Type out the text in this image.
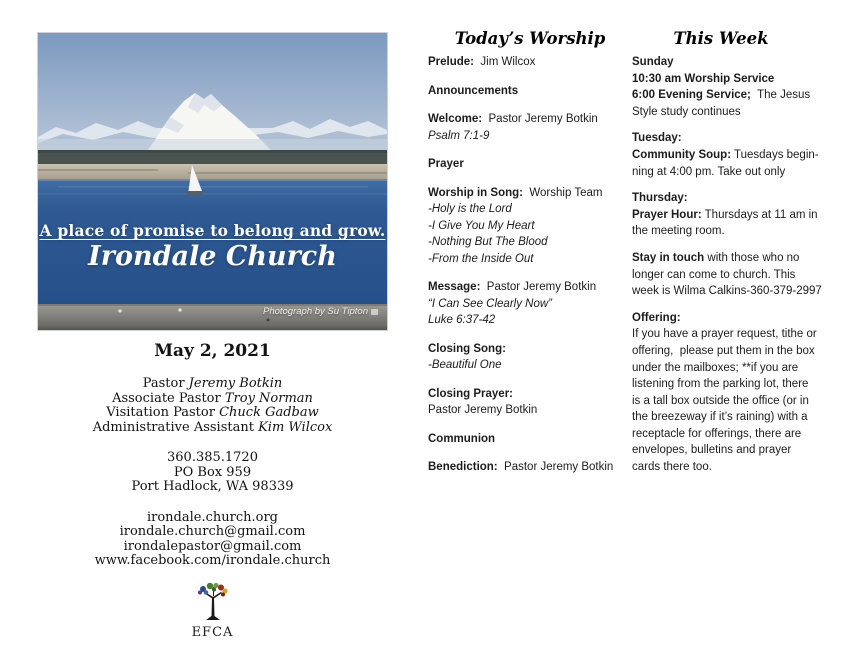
A place of promise to belong and grow.
Irondale Church
Photograph by Su Tipton
May 2, 2021
Pastor Jeremy Botkin
Associate Pastor Troy Norman
Visitation Pastor Chuck Gadbaw
Administrative Assistant Kim Wilcox
360.385.1720
PO Box 959
Port Hadlock, WA 98339
irondale.church.org
irondale.church@gmail.com
irondalepastor@gmail.com
www.facebook.com/irondale.church
EFCA
Today’s Worship
Prelude:  Jim Wilcox
Announcements
Welcome:  Pastor Jeremy Botkin
Psalm 7:1-9
Prayer
Worship in Song:  Worship Team
-Holy is the Lord
-I Give You My Heart
-Nothing But The Blood
-From the Inside Out
Message:  Pastor Jeremy Botkin
“I Can See Clearly Now”
Luke 6:37-42
Closing Song:
-Beautiful One
Closing Prayer:
Pastor Jeremy Botkin
Communion
Benediction:  Pastor Jeremy Botkin
This Week
Sunday
10:30 am Worship Service
6:00 Evening Service;  The Jesus
Style study continues
Tuesday:
Community Soup: Tuesdays begin-
ning at 4:00 pm. Take out only
Thursday:
Prayer Hour: Thursdays at 11 am in
the meeting room.
Stay in touch with those who no
longer can come to church. This
week is Wilma Calkins-360-379-2997
Offering:
If you have a prayer request, tithe or
offering,  please put them in the box
under the mailboxes; **if you are
listening from the parking lot, there
is a tall box outside the office (or in
the breezeway if it’s raining) with a
receptacle for offerings, there are
envelopes, bulletins and prayer
cards there too.
